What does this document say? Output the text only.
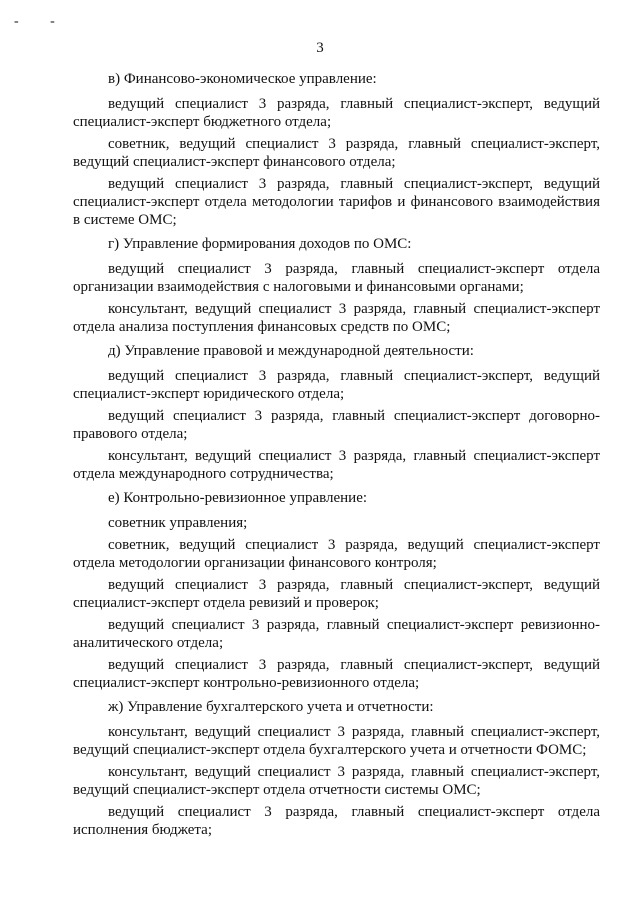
- -
3
в) Финансово-экономическое управление:
ведущий специалист 3 разряда, главный специалист-эксперт, ведущий специалист-эксперт бюджетного отдела;
советник, ведущий специалист 3 разряда, главный специалист-эксперт, ведущий специалист-эксперт финансового отдела;
ведущий специалист 3 разряда, главный специалист-эксперт, ведущий специалист-эксперт отдела методологии тарифов и финансового взаимодействия в системе ОМС;
г) Управление формирования доходов по ОМС:
ведущий специалист 3 разряда, главный специалист-эксперт отдела организации взаимодействия с налоговыми и финансовыми органами;
консультант, ведущий специалист 3 разряда, главный специалист-эксперт отдела анализа поступления финансовых средств по ОМС;
д) Управление правовой и международной деятельности:
ведущий специалист 3 разряда, главный специалист-эксперт, ведущий специалист-эксперт юридического отдела;
ведущий специалист 3 разряда, главный специалист-эксперт договорно-правового отдела;
консультант, ведущий специалист 3 разряда, главный специалист-эксперт отдела международного сотрудничества;
е) Контрольно-ревизионное управление:
советник управления;
советник, ведущий специалист 3 разряда, ведущий специалист-эксперт отдела методологии организации финансового контроля;
ведущий специалист 3 разряда, главный специалист-эксперт, ведущий специалист-эксперт отдела ревизий и проверок;
ведущий специалист 3 разряда, главный специалист-эксперт ревизионно-аналитического отдела;
ведущий специалист 3 разряда, главный специалист-эксперт, ведущий специалист-эксперт контрольно-ревизионного отдела;
ж) Управление бухгалтерского учета и отчетности:
консультант, ведущий специалист 3 разряда, главный специалист-эксперт, ведущий специалист-эксперт отдела бухгалтерского учета и отчетности ФОМС;
консультант, ведущий специалист 3 разряда, главный специалист-эксперт, ведущий специалист-эксперт отдела отчетности системы ОМС;
ведущий специалист 3 разряда, главный специалист-эксперт отдела исполнения бюджета;
